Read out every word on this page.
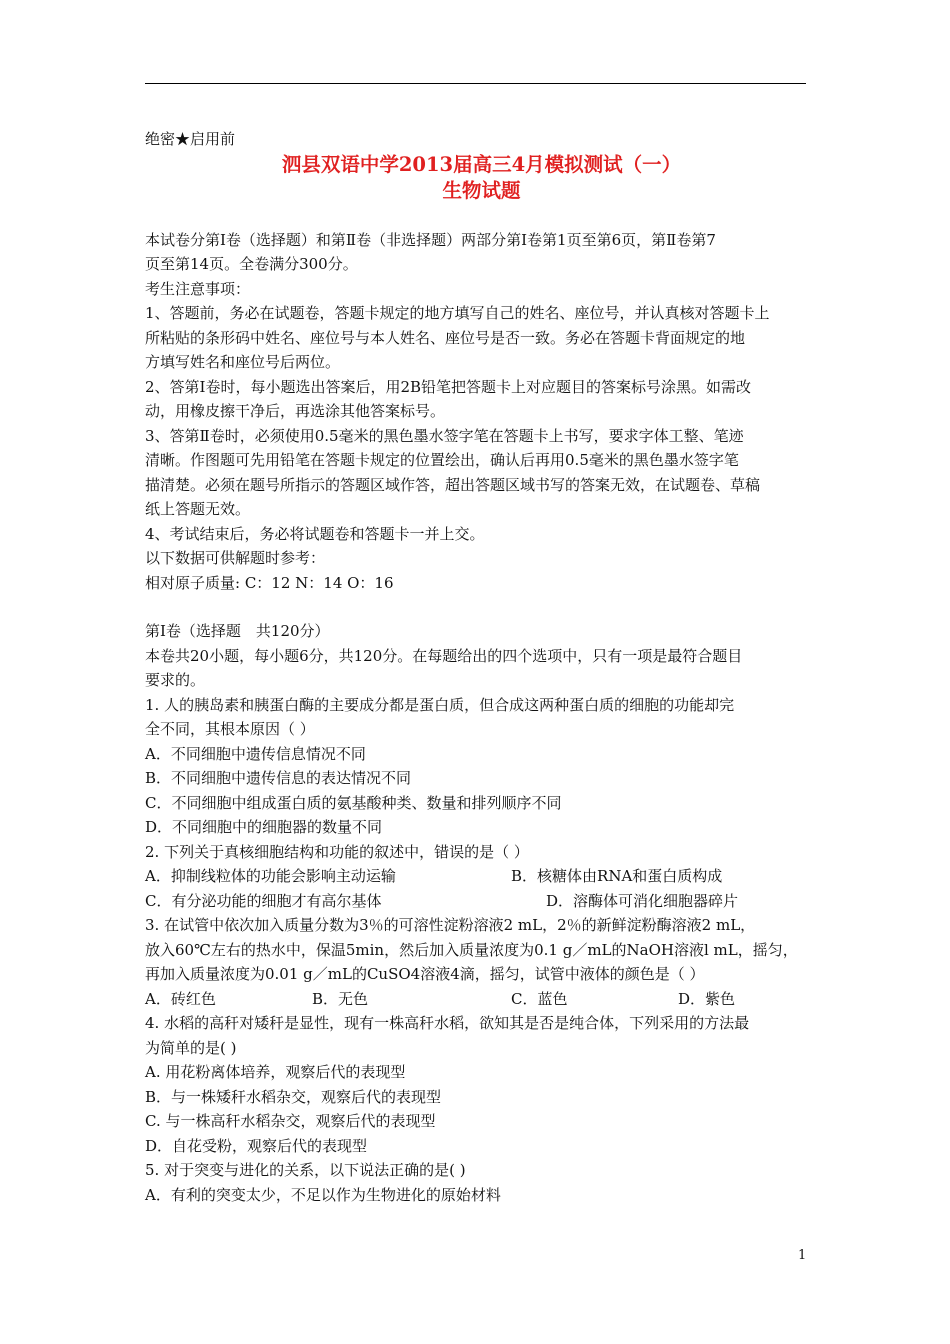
绝密★启用前
泗县双语中学2013届高三4月模拟测试（一）
生物试题
本试卷分第Ⅰ卷（选择题）和第Ⅱ卷（非选择题）两部分第Ⅰ卷第1页至第6页，第Ⅱ卷第7
页至第14页。全卷满分300分。
考生注意事项：
1、答题前，务必在试题卷，答题卡规定的地方填写自己的姓名、座位号，并认真核对答题卡上
所粘贴的条形码中姓名、座位号与本人姓名、座位号是否一致。务必在答题卡背面规定的地
方填写姓名和座位号后两位。
2、答第Ⅰ卷时，每小题选出答案后，用2B铅笔把答题卡上对应题目的答案标号涂黑。如需改
动，用橡皮擦干净后，再选涂其他答案标号。
3、答第Ⅱ卷时，必须使用0.5毫米的黑色墨水签字笔在答题卡上书写，要求字体工整、笔迹
清晰。作图题可先用铅笔在答题卡规定的位置绘出，确认后再用0.5毫米的黑色墨水签字笔
描清楚。必须在题号所指示的答题区域作答，超出答题区域书写的答案无效，在试题卷、草稿
纸上答题无效。
4、考试结束后，务必将试题卷和答题卡一并上交。
以下数据可供解题时参考：
相对原子质量: C：12 N：14 O：16
第Ⅰ卷（选择题　共120分）
本卷共20小题，每小题6分，共120分。在每题给出的四个选项中，只有一项是最符合题目
要求的。
1. 人的胰岛素和胰蛋白酶的主要成分都是蛋白质，但合成这两种蛋白质的细胞的功能却完
全不同，其根本原因（ ）
A．不同细胞中遗传信息情况不同
B．不同细胞中遗传信息的表达情况不同
C．不同细胞中组成蛋白质的氨基酸种类、数量和排列顺序不同
D．不同细胞中的细胞器的数量不同
2. 下列关于真核细胞结构和功能的叙述中，错误的是（ ）
A．抑制线粒体的功能会影响主动运输	B．核糖体由RNA和蛋白质构成
C．有分泌功能的细胞才有高尔基体	D．溶酶体可消化细胞器碎片
3. 在试管中依次加入质量分数为3％的可溶性淀粉溶液2 mL，2％的新鲜淀粉酶溶液2 mL，
放入60℃左右的热水中，保温5min，然后加入质量浓度为0.1 g／mL的NaOH溶液l mL，摇匀，
再加入质量浓度为0.01 g／mL的CuSO4溶液4滴，摇匀，试管中液体的颜色是（ ）
A．砖红色	B．无色	C．蓝色	D．紫色
4. 水稻的高秆对矮秆是显性，现有一株高秆水稻，欲知其是否是纯合体，下列采用的方法最
为简单的是( )
A. 用花粉离体培养，观察后代的表现型
B．与一株矮秆水稻杂交，观察后代的表现型
C. 与一株高秆水稻杂交，观察后代的表现型
D．自花受粉，观察后代的表现型
5. 对于突变与进化的关系，以下说法正确的是( )
A．有利的突变太少，不足以作为生物进化的原始材料
1
